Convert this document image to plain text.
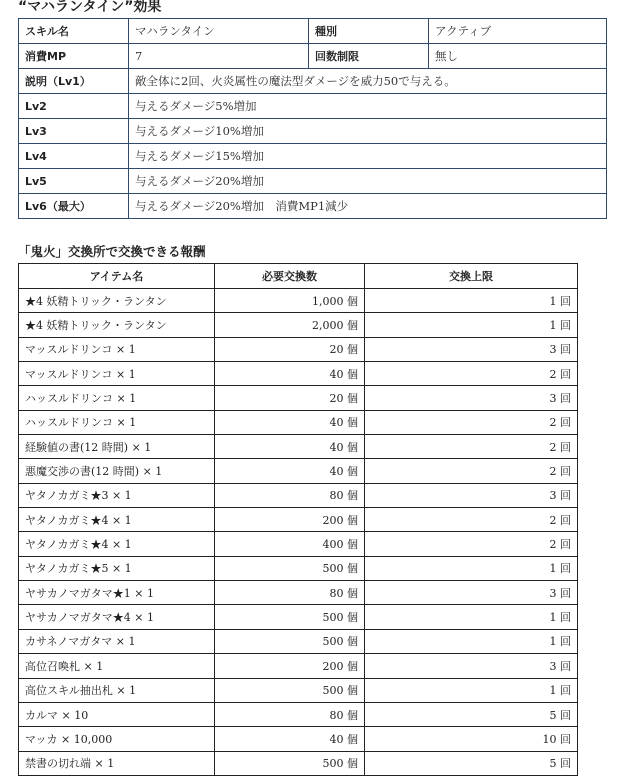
“マハランタイン”効果
スキル名	マハランタイン	種別	アクティブ
消費MP	7	回数制限	無し
説明（Lv1）	敵全体に2回、火炎属性の魔法型ダメージを威力50で与える。		
Lv2	与えるダメージ5%増加		
Lv3	与えるダメージ10%増加		
Lv4	与えるダメージ15%増加		
Lv5	与えるダメージ20%増加		
Lv6（最大）	与えるダメージ20%増加　消費MP1減少		
「鬼火」交換所で交換できる報酬
アイテム名	必要交換数	交換上限
★4 妖精トリック・ランタン	1,000 個	1 回
★4 妖精トリック・ランタン	2,000 個	1 回
マッスルドリンコ × 1	20 個	3 回
マッスルドリンコ × 1	40 個	2 回
ハッスルドリンコ × 1	20 個	3 回
ハッスルドリンコ × 1	40 個	2 回
経験値の書(12 時間) × 1	40 個	2 回
悪魔交渉の書(12 時間) × 1	40 個	2 回
ヤタノカガミ★3 × 1	80 個	3 回
ヤタノカガミ★4 × 1	200 個	2 回
ヤタノカガミ★4 × 1	400 個	2 回
ヤタノカガミ★5 × 1	500 個	1 回
ヤサカノマガタマ★1 × 1	80 個	3 回
ヤサカノマガタマ★4 × 1	500 個	1 回
カサネノマガタマ × 1	500 個	1 回
高位召喚札 × 1	200 個	3 回
高位スキル抽出札 × 1	500 個	1 回
カルマ × 10	80 個	5 回
マッカ × 10,000	40 個	10 回
禁書の切れ端 × 1	500 個	5 回
